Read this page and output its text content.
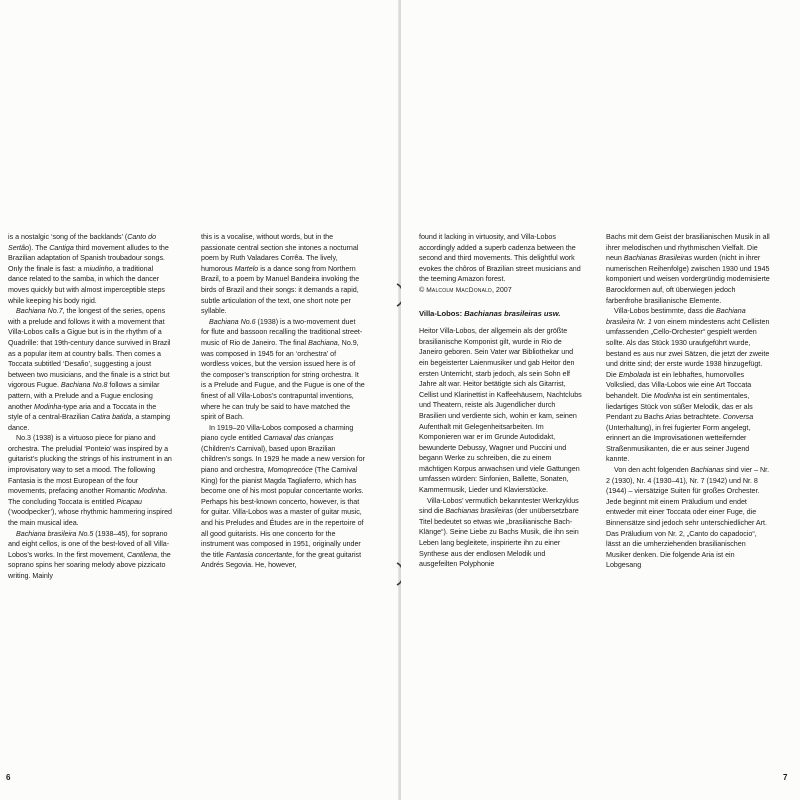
is a nostalgic ‘song of the backlands’ (Canto do Sertão). The Cantiga third movement alludes to the Brazilian adaptation of Spanish troubadour songs. Only the finale is fast: a miudinho, a traditional dance related to the samba, in which the dancer moves quickly but with almost imperceptible steps while keeping his body rigid.

Bachiana No.7, the longest of the series, opens with a prelude and follows it with a movement that Villa-Lobos calls a Gigue but is in the rhythm of a Quadrille: that 19th-century dance survived in Brazil as a popular item at country balls. Then comes a Toccata subtitled ‘Desafio’, suggesting a joust between two musicians, and the finale is a strict but vigorous Fugue. Bachiana No.8 follows a similar pattern, with a Prelude and a Fugue enclosing another Modinha-type aria and a Toccata in the style of a central-Brazilian Catira batida, a stamping dance.

No.3 (1938) is a virtuoso piece for piano and orchestra. The preludial ‘Ponteio’ was inspired by a guitarist’s plucking the strings of his instrument in an improvisatory way to set a mood. The following Fantasia is the most European of the four movements, prefacing another Romantic Modinha. The concluding Toccata is entitled Picapau (‘woodpecker’), whose rhythmic hammering inspired the main musical idea.

Bachiana brasileira No.5 (1938–45), for soprano and eight cellos, is one of the best-loved of all Villa-Lobos’s works. In the first movement, Cantilena, the soprano spins her soaring melody above pizzicato writing. Mainly

this is a vocalise, without words, but in the passionate central section she intones a nocturnal poem by Ruth Valadares Corrêa. The lively, humorous Martelo is a dance song from Northern Brazil, to a poem by Manuel Bandeira invoking the birds of Brazil and their songs: it demands a rapid, subtle articulation of the text, one short note per syllable.

Bachiana No.6 (1938) is a two-movement duet for flute and bassoon recalling the traditional street-music of Rio de Janeiro. The final Bachiana, No.9, was composed in 1945 for an ‘orchestra’ of wordless voices, but the version issued here is of the composer’s transcription for string orchestra. It is a Prelude and Fugue, and the Fugue is one of the finest of all Villa-Lobos’s contrapuntal inventions, where he can truly be said to have matched the spirit of Bach.

In 1919–20 Villa-Lobos composed a charming piano cycle entitled Carnaval das crianças (Children’s Carnival), based upon Brazilian children’s songs. In 1929 he made a new version for piano and orchestra, Momoprecóce (The Carnival King) for the pianist Magda Tagliaferro, which has become one of his most popular concertante works. Perhaps his best-known concerto, however, is that for guitar. Villa-Lobos was a master of guitar music, and his Preludes and Études are in the repertoire of all good guitarists. His one concerto for the instrument was composed in 1951, originally under the title Fantasia concertante, for the great guitarist Andrés Segovia. He, however,

6

found it lacking in virtuosity, and Villa-Lobos accordingly added a superb cadenza between the second and third movements. This delightful work evokes the chôros of Brazilian street musicians and the teeming Amazon forest.

© Malcolm MacDonald, 2007

Villa-Lobos: Bachianas brasileiras usw.

Heitor Villa-Lobos, der allgemein als der größte brasilianische Komponist gilt, wurde in Rio de Janeiro geboren. Sein Vater war Bibliothekar und ein begeisterter Laienmusiker und gab Heitor den ersten Unterricht, starb jedoch, als sein Sohn elf Jahre alt war. Heitor betätigte sich als Gitarrist, Cellist und Klarinettist in Kaffeehäusern, Nachtclubs und Theatern, reiste als Jugendlicher durch Brasilien und verdiente sich, wohin er kam, seinen Aufenthalt mit Gelegenheitsarbeiten. Im Komponieren war er im Grunde Autodidakt, bewunderte Debussy, Wagner und Puccini und begann Werke zu schreiben, die zu einem mächtigen Korpus anwachsen und viele Gattungen umfassen würden: Sinfonien, Ballette, Sonaten, Kammermusik, Lieder und Klavierstücke.

Villa-Lobos’ vermutlich bekanntester Werkzyklus sind die Bachianas brasileiras (der unübersetzbare Titel bedeutet so etwas wie „brasilianische Bach-Klänge“). Seine Liebe zu Bachs Musik, die ihn sein Leben lang begleitete, inspirierte ihn zu einer Synthese aus der endlosen Melodik und ausgefeilten Polyphonie

Bachs mit dem Geist der brasilianischen Musik in all ihrer melodischen und rhythmischen Vielfalt. Die neun Bachianas Brasileiras wurden (nicht in ihrer numerischen Reihenfolge) zwischen 1930 und 1945 komponiert und weisen vordergründig modernisierte Barockformen auf, oft überwiegen jedoch farbenfrohe brasilianische Elemente.

Villa-Lobos bestimmte, dass die Bachiana brasileira Nr. 1 von einem mindestens acht Cellisten umfassenden „Cello-Orchester“ gespielt werden sollte. Als das Stück 1930 uraufgeführt wurde, bestand es aus nur zwei Sätzen, die jetzt der zweite und dritte sind; der erste wurde 1938 hinzugefügt. Die Embolada ist ein lebhaftes, humorvolles Volkslied, das Villa-Lobos wie eine Art Toccata behandelt. Die Modinha ist ein sentimentales, liedartiges Stück von süßer Melodik, das er als Pendant zu Bachs Arias betrachtete. Conversa (Unterhaltung), in frei fugierter Form angelegt, erinnert an die Improvisationen wetteifernder Straßenmusikanten, die er aus seiner Jugend kannte.

Von den acht folgenden Bachianas sind vier – Nr. 2 (1930), Nr. 4 (1930–41), Nr. 7 (1942) und Nr. 8 (1944) – viersätzige Suiten für großes Orchester. Jede beginnt mit einem Präludium und endet entweder mit einer Toccata oder einer Fuge, die Binnensätze sind jedoch sehr unterschiedlicher Art. Das Präludium von Nr. 2, „Canto do capadocio“, lässt an die umherziehenden brasilianischen Musiker denken. Die folgende Aria ist ein Lobgesang

7
